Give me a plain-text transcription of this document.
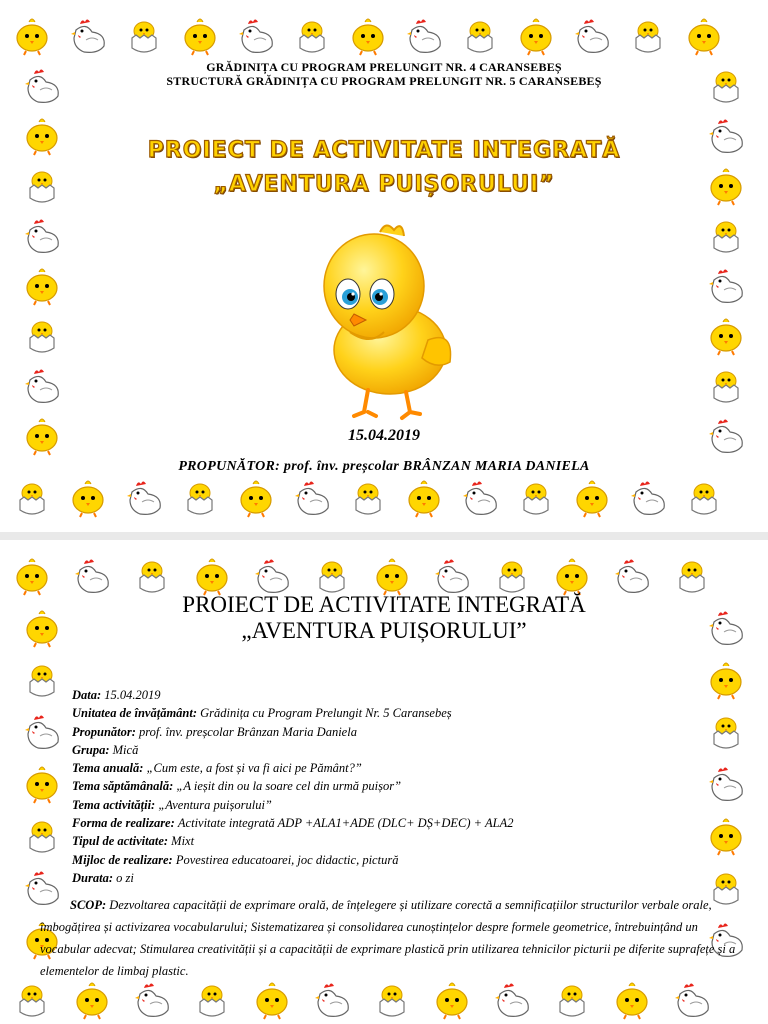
GRĂDINIȚA CU PROGRAM PRELUNGIT NR. 4 CARANSEBEȘ
STRUCTURĂ GRĂDINIȚA CU PROGRAM PRELUNGIT NR. 5 CARANSEBEȘ
PROIECT DE ACTIVITATE INTEGRATĂ
„AVENTURA PUIȘORULUI”
15.04.2019
PROPUNĂTOR: prof. înv. preșcolar BRÂNZAN MARIA DANIELA
PROIECT DE ACTIVITATE INTEGRATĂ
„AVENTURA PUIȘORULUI”
Data: 15.04.2019
Unitatea de învățământ: Grădinița cu Program Prelungit Nr. 5 Caransebeș
Propunător: prof. înv. preșcolar Brânzan Maria Daniela
Grupa: Mică
Tema anuală: „Cum este, a fost și va fi aici pe Pământ?”
Tema săptămânală: „A ieșit din ou la soare cel din urmă puișor”
Tema activității: „Aventura puișorului”
Forma de realizare: Activitate integrată ADP +ALA1+ADE (DLC+ DȘ+DEC) + ALA2
Tipul de activitate: Mixt
Mijloc de realizare: Povestirea educatoarei, joc didactic, pictură
Durata: o zi
SCOP: Dezvoltarea capacității de exprimare orală, de înțelegere și utilizare corectă a semnificațiilor structurilor verbale orale, îmbogățirea și activizarea vocabularului; Sistematizarea și consolidarea cunoștințelor despre formele geometrice, întrebuințând un vocabular adecvat; Stimularea creativității și a capacității de exprimare plastică prin utilizarea tehnicilor picturii pe diferite suprafețe și a elementelor de limbaj plastic.
